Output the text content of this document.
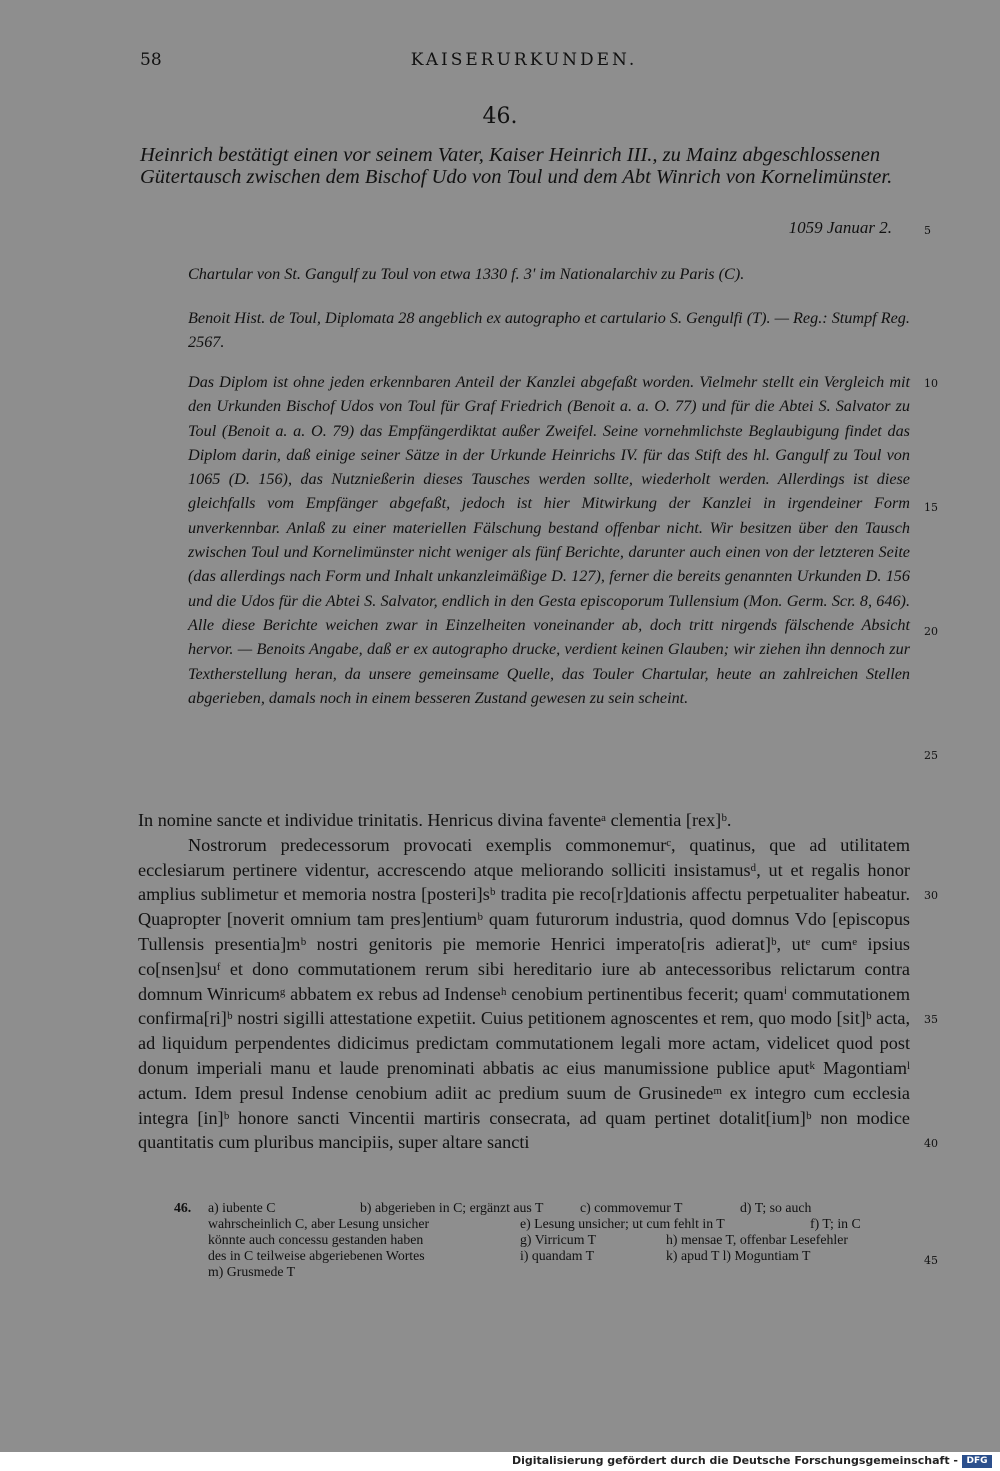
58	KAISERURKUNDEN.
46.
Heinrich bestätigt einen vor seinem Vater, Kaiser Heinrich III., zu Mainz abgeschlossenen Gütertausch zwischen dem Bischof Udo von Toul und dem Abt Winrich von Kornelimünster.
1059 Januar 2.	5
10
15
20
25
30
35
40
45
Chartular von St. Gangulf zu Toul von etwa 1330 f. 3' im Nationalarchiv zu Paris (C).
Benoit Hist. de Toul, Diplomata 28 angeblich ex autographo et cartulario S. Gengulfi (T). — Reg.: Stumpf Reg. 2567.
Das Diplom ist ohne jeden erkennbaren Anteil der Kanzlei abgefaßt worden. Vielmehr stellt ein Vergleich mit den Urkunden Bischof Udos von Toul für Graf Friedrich (Benoit a. a. O. 77) und für die Abtei S. Salvator zu Toul (Benoit a. a. O. 79) das Empfängerdiktat außer Zweifel. Seine vornehmlichste Beglaubigung findet das Diplom darin, daß einige seiner Sätze in der Urkunde Heinrichs IV. für das Stift des hl. Gangulf zu Toul von 1065 (D. 156), das Nutznießerin dieses Tausches werden sollte, wiederholt werden. Allerdings ist diese gleichfalls vom Empfänger abgefaßt, jedoch ist hier Mitwirkung der Kanzlei in irgendeiner Form unverkennbar. Anlaß zu einer materiellen Fälschung bestand offenbar nicht. Wir besitzen über den Tausch zwischen Toul und Kornelimünster nicht weniger als fünf Berichte, darunter auch einen von der letzteren Seite (das allerdings nach Form und Inhalt unkanzleimäßige D. 127), ferner die bereits genannten Urkunden D. 156 und die Udos für die Abtei S. Salvator, endlich in den Gesta episcoporum Tullensium (Mon. Germ. Scr. 8, 646). Alle diese Berichte weichen zwar in Einzelheiten voneinander ab, doch tritt nirgends fälschende Absicht hervor. — Benoits Angabe, daß er ex autographo drucke, verdient keinen Glauben; wir ziehen ihn dennoch zur Textherstellung heran, da unsere gemeinsame Quelle, das Touler Chartular, heute an zahlreichen Stellen abgerieben, damals noch in einem besseren Zustand gewesen zu sein scheint.

In nomine sancte et individue trinitatis. Henricus divina faventeᵃ clementia [rex]ᵇ.

Nostrorum predecessorum provocati exemplis commonemurᶜ, quatinus, que ad utilitatem ecclesiarum pertinere videntur, accrescendo atque meliorando solliciti insistamusᵈ, ut et regalis honor amplius sublimetur et memoria nostra [posteri]sᵇ tradita pie reco[r]dationis affectu perpetualiter habeatur. Quapropter [noverit omnium tam pres]entiumᵇ quam futurorum industria, quod domnus Vdo [episcopus Tullensis presentia]mᵇ nostri genitoris pie memorie Henrici imperato[ris adierat]ᵇ, utᵉ cumᵉ ipsius co[nsen]suᶠ et dono commutationem rerum sibi hereditario iure ab antecessoribus relictarum contra domnum Winricumᵍ abbatem ex rebus ad Indenseʰ cenobium pertinentibus fecerit; quamⁱ commutationem confirma[ri]ᵇ nostri sigilli attestatione expetiit. Cuius petitionem agnoscentes et rem, quo modo [sit]ᵇ acta, ad liquidum perpendentes didicimus predictam commutationem legali more actam, videlicet quod post donum imperiali manu et laude prenominati abbatis ac eius manumissione publice aputᵏ Magontiamˡ actum. Idem presul Indense cenobium adiit ac predium suum de Grusinedeᵐ ex integro cum ecclesia integra [in]ᵇ honore sancti Vincentii martiris consecrata, ad quam pertinet dotalit[ium]ᵇ non modice quantitatis cum pluribus mancipiis, super altare sancti

46. a) iubente C	b) abgerieben in C; ergänzt aus T	c) commovemur T	d) T; so auch
wahrscheinlich C, aber Lesung unsicher	e) Lesung unsicher; ut cum fehlt in T	f) T; in C
könnte auch concessu gestanden haben	g) Virricum T	h) mensae T, offenbar Lesefehler
des in C teilweise abgeriebenen Wortes	i) quandam T	k) apud T l) Moguntiam T
m) Grusmede T
Digitalisierung gefördert durch die Deutsche Forschungsgemeinschaft - DFG
